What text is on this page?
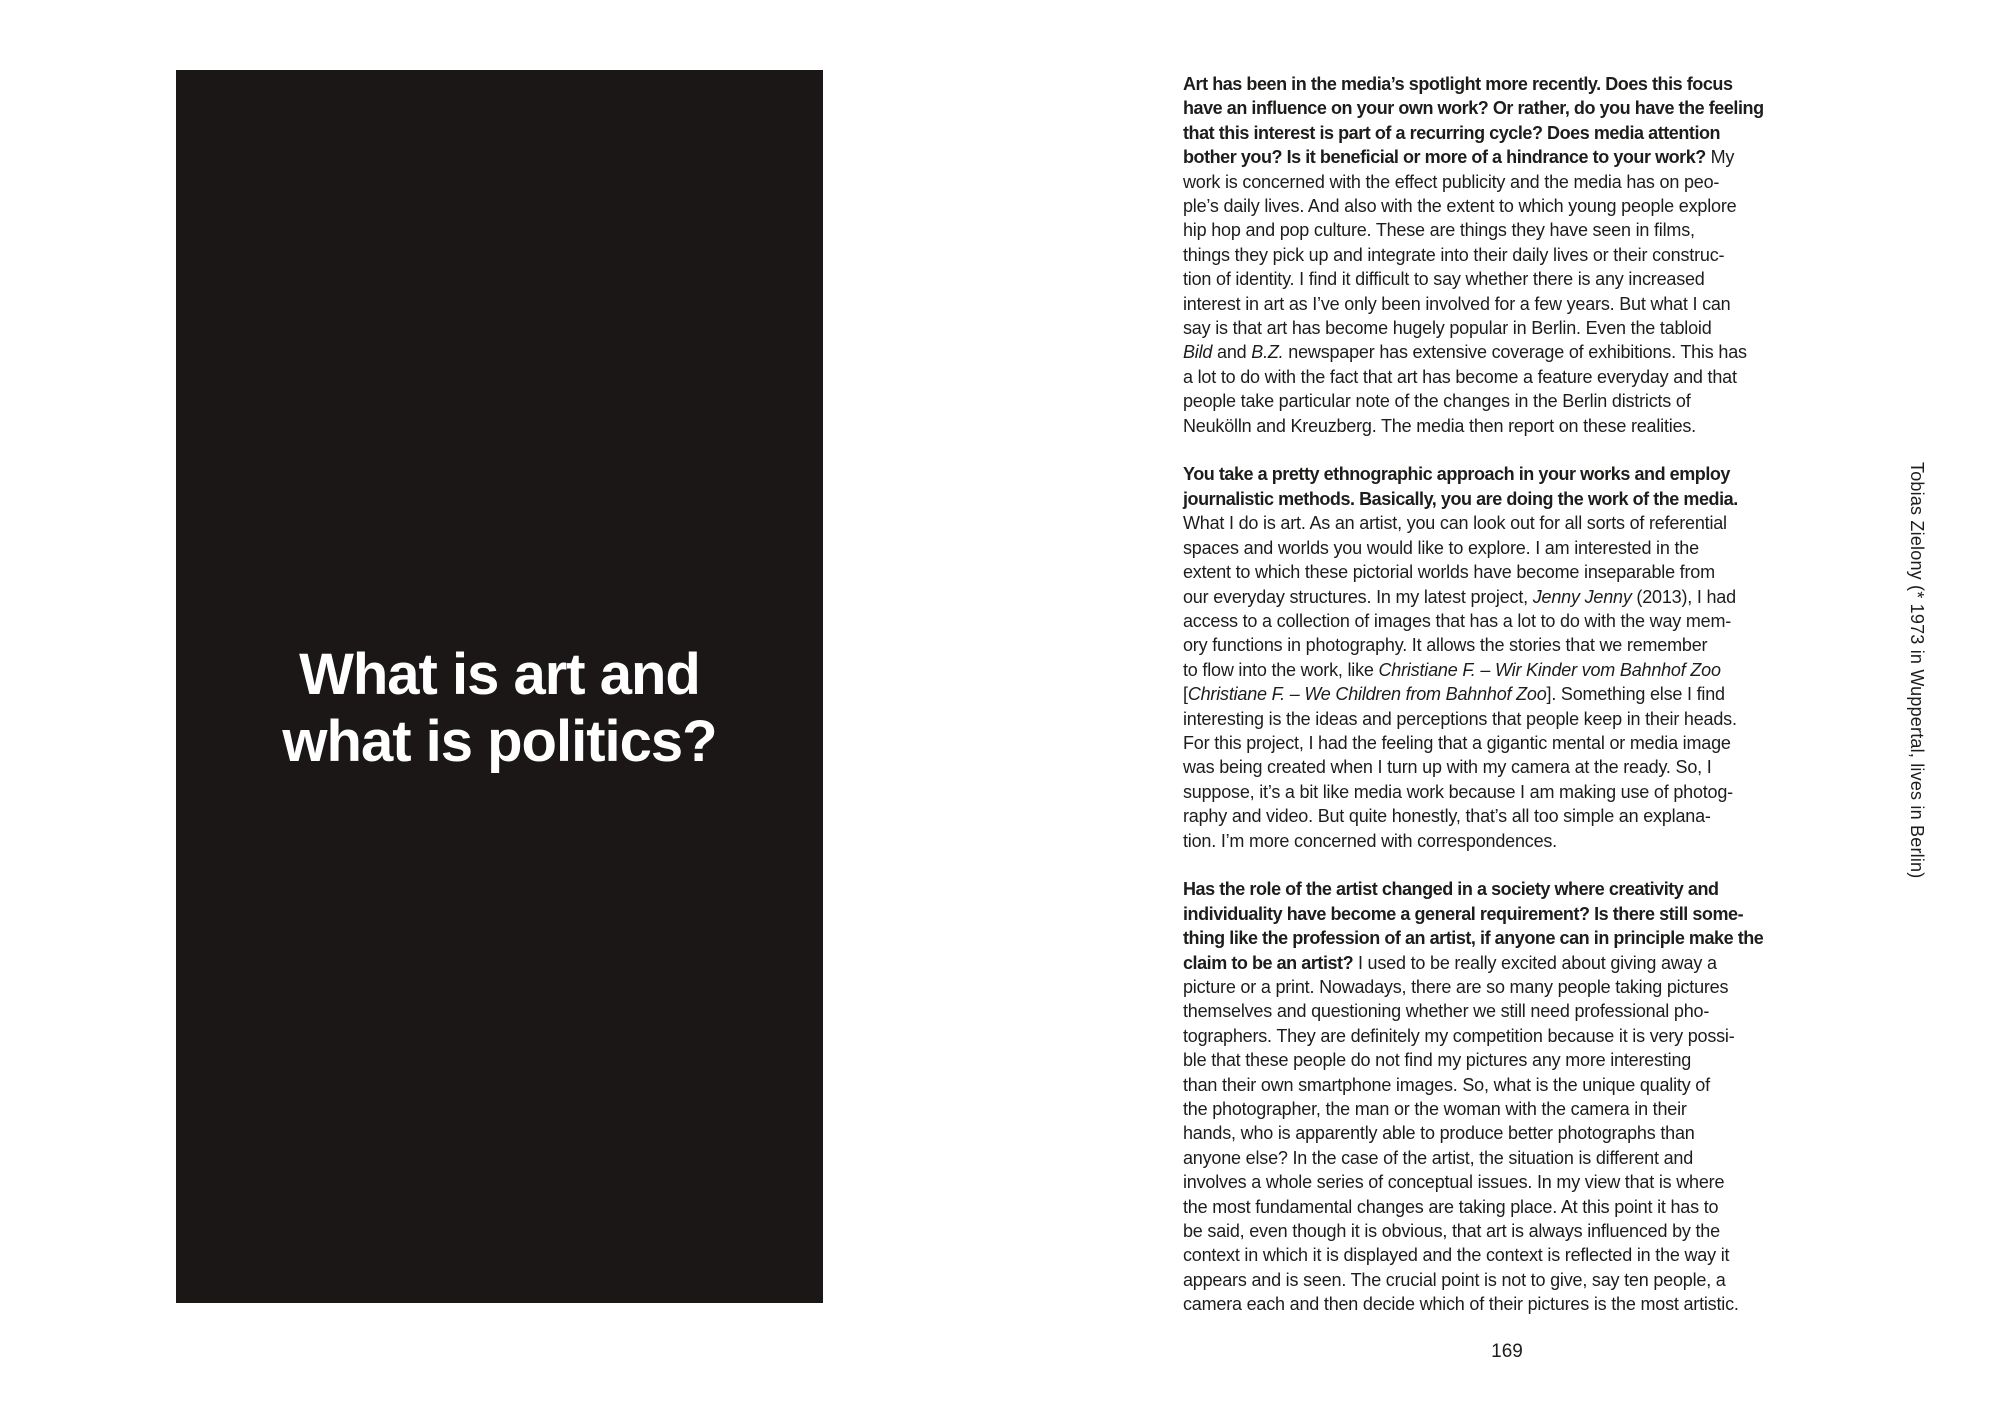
What is art and
what is politics?
Art has been in the media’s spotlight more recently. Does this focus
have an influence on your own work? Or rather, do you have the feeling
that this interest is part of a recurring cycle? Does media attention
bother you? Is it beneficial or more of a hindrance to your work? My
work is concerned with the effect publicity and the media has on peo-
ple’s daily lives. And also with the extent to which young people explore
hip hop and pop culture. These are things they have seen in films,
things they pick up and integrate into their daily lives or their construc-
tion of identity. I find it difficult to say whether there is any increased
interest in art as I’ve only been involved for a few years. But what I can
say is that art has become hugely popular in Berlin. Even the tabloid
Bild and B.Z. newspaper has extensive coverage of exhibitions. This has
a lot to do with the fact that art has become a feature everyday and that
people take particular note of the changes in the Berlin districts of
Neukölln and Kreuzberg. The media then report on these realities.
You take a pretty ethnographic approach in your works and employ
journalistic methods. Basically, you are doing the work of the media.
What I do is art. As an artist, you can look out for all sorts of referential
spaces and worlds you would like to explore. I am interested in the
extent to which these pictorial worlds have become inseparable from
our everyday structures. In my latest project, Jenny Jenny (2013), I had
access to a collection of images that has a lot to do with the way mem-
ory functions in photography. It allows the stories that we remember
to flow into the work, like Christiane F. – Wir Kinder vom Bahnhof Zoo
[Christiane F. – We Children from Bahnhof Zoo]. Something else I find
interesting is the ideas and perceptions that people keep in their heads.
For this project, I had the feeling that a gigantic mental or media image
was being created when I turn up with my camera at the ready. So, I
suppose, it’s a bit like media work because I am making use of photog-
raphy and video. But quite honestly, that’s all too simple an explana-
tion. I’m more concerned with correspondences.
Has the role of the artist changed in a society where creativity and
individuality have become a general requirement? Is there still some-
thing like the profession of an artist, if anyone can in principle make the
claim to be an artist? I used to be really excited about giving away a
picture or a print. Nowadays, there are so many people taking pictures
themselves and questioning whether we still need professional pho-
tographers. They are definitely my competition because it is very possi-
ble that these people do not find my pictures any more interesting
than their own smartphone images. So, what is the unique quality of
the photographer, the man or the woman with the camera in their
hands, who is apparently able to produce better photographs than
anyone else? In the case of the artist, the situation is different and
involves a whole series of conceptual issues. In my view that is where
the most fundamental changes are taking place. At this point it has to
be said, even though it is obvious, that art is always influenced by the
context in which it is displayed and the context is reflected in the way it
appears and is seen. The crucial point is not to give, say ten people, a
camera each and then decide which of their pictures is the most artistic.
Tobias Zielony (* 1973 in Wuppertal, lives in Berlin)
169
